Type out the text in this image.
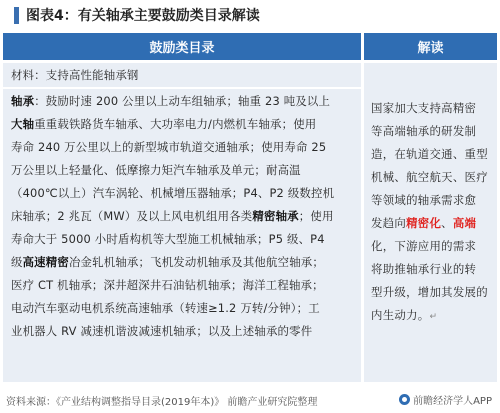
图表4：有关轴承主要鼓励类目录解读
鼓励类目录	解读
材料：支持高性能轴承钢
轴承：鼓励时速 200 公里以上动车组轴承；轴重 23 吨及以上
大轴重重载铁路货车轴承、大功率电力/内燃机车轴承；使用
寿命 240 万公里以上的新型城市轨道交通轴承；使用寿命 25
万公里以上轻量化、低摩擦力矩汽车轴承及单元；耐高温
（400℃以上）汽车涡轮、机械增压器轴承；P4、P2 级数控机
床轴承；2 兆瓦（MW）及以上风电机组用各类精密轴承；使用
寿命大于 5000 小时盾构机等大型施工机械轴承；P5 级、P4
级高速精密冶金轧机轴承；飞机发动机轴承及其他航空轴承；
医疗 CT 机轴承；深井超深井石油钻机轴承；海洋工程轴承；
电动汽车驱动电机系统高速轴承（转速≥1.2 万转/分钟）；工
业机器人 RV 减速机谐波减速机轴承；以及上述轴承的零件
国家加大支持高精密
等高端轴承的研发制
造，在轨道交通、重型
机械、航空航天、医疗
等领域的轴承需求愈
发趋向精密化、高端
化，下游应用的需求
将助推轴承行业的转
型升级，增加其发展的
内生动力。↵
资料来源：《产业结构调整指导目录(2019年本)》 前瞻产业研究院整理	前瞻经济学人APP
